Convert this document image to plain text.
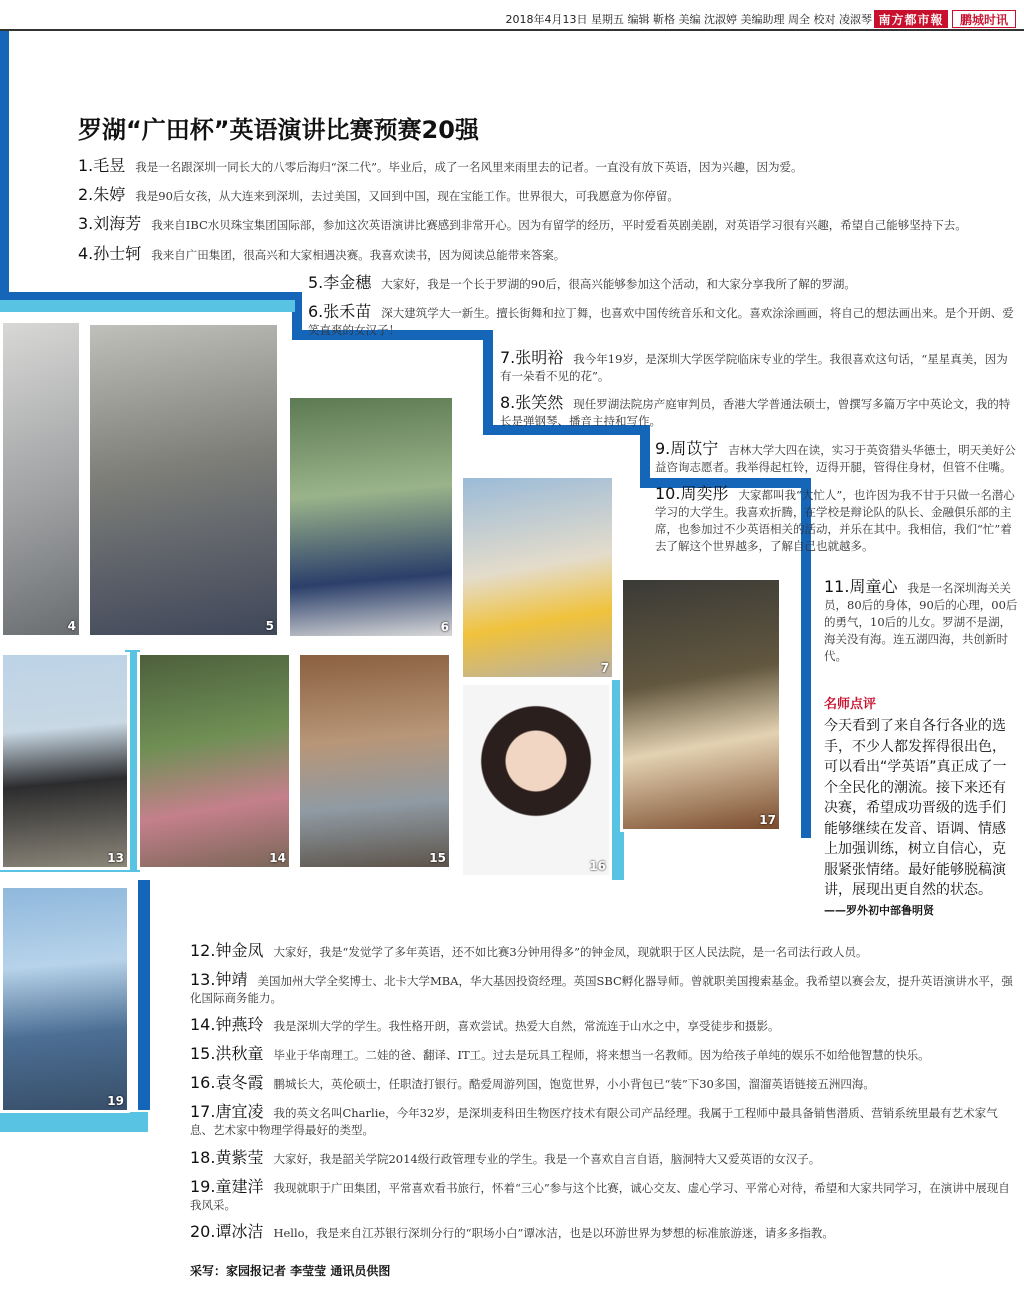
2018年4月13日 星期五 编辑 靳格 美编 沈淑婷 美编助理 周全 校对 凌淑琴 南方都市報	鹏城时讯
罗湖“广田杯”英语演讲比赛预赛20强
1.毛昱 我是一名跟深圳一同长大的八零后海归“深二代”。毕业后，成了一名风里来雨里去的记者。一直没有放下英语，因为兴趣，因为爱。
2.朱婷 我是90后女孩，从大连来到深圳，去过美国，又回到中国，现在宝能工作。世界很大，可我愿意为你停留。
3.刘海芳 我来自IBC水贝珠宝集团国际部，参加这次英语演讲比赛感到非常开心。因为有留学的经历，平时爱看英剧美剧，对英语学习很有兴趣，希望自己能够坚持下去。
4.孙士轲 我来自广田集团，很高兴和大家相遇决赛。我喜欢读书，因为阅读总能带来答案。
5.李金穗 大家好，我是一个长于罗湖的90后，很高兴能够参加这个活动，和大家分享我所了解的罗湖。
6.张禾苗 深大建筑学大一新生。擅长街舞和拉丁舞，也喜欢中国传统音乐和文化。喜欢涂涂画画，将自己的想法画出来。是个开朗、爱笑直爽的女汉子！
7.张明裕 我今年19岁，是深圳大学医学院临床专业的学生。我很喜欢这句话，“星星真美，因为有一朵看不见的花”。
8.张笑然 现任罗湖法院房产庭审判员，香港大学普通法硕士，曾撰写多篇万字中英论文，我的特长是弹钢琴、播音主持和写作。
9.周苡宁 吉林大学大四在读，实习于英资猎头华德士，明天美好公益咨询志愿者。我举得起杠铃，迈得开腿，管得住身材，但管不住嘴。
10.周奕彤 大家都叫我“大忙人”，也许因为我不甘于只做一名潜心学习的大学生。我喜欢折腾，在学校是辩论队的队长、金融俱乐部的主席，也参加过不少英语相关的活动，并乐在其中。我相信，我们“忙”着去了解这个世界越多，了解自己也就越多。
11.周童心 我是一名深圳海关关员，80后的身体，90后的心理，00后的勇气，10后的儿女。罗湖不是湖，海关没有海。连五湖四海，共创新时代。
4	5	6
7
13	14	15
16
17
19
名师点评
今天看到了来自各行各业的选手，不少人都发挥得很出色，可以看出“学英语”真正成了一个全民化的潮流。接下来还有决赛，希望成功晋级的选手们能够继续在发音、语调、情感上加强训练，树立自信心，克服紧张情绪。最好能够脱稿演讲，展现出更自然的状态。
——罗外初中部鲁明贤
12.钟金凤 大家好，我是“发觉学了多年英语，还不如比赛3分钟用得多”的钟金凤，现就职于区人民法院，是一名司法行政人员。
13.钟靖 美国加州大学全奖博士、北卡大学MBA，华大基因投资经理。英国SBC孵化器导师。曾就职美国搜索基金。我希望以赛会友，提升英语演讲水平，强化国际商务能力。
14.钟燕玲 我是深圳大学的学生。我性格开朗，喜欢尝试。热爱大自然，常流连于山水之中，享受徒步和摄影。
15.洪秋童 毕业于华南理工。二娃的爸、翻译、IT工。过去是玩具工程师，将来想当一名教师。因为给孩子单纯的娱乐不如给他智慧的快乐。
16.袁冬霞 鹏城长大，英伦硕士，任职渣打银行。酷爱周游列国，饱览世界，小小背包已“装”下30多国，溜溜英语链接五洲四海。
17.唐宜凌 我的英文名叫Charlie，今年32岁，是深圳麦科田生物医疗技术有限公司产品经理。我属于工程师中最具备销售潜质、营销系统里最有艺术家气息、艺术家中物理学得最好的类型。
18.黄紫莹 大家好，我是韶关学院2014级行政管理专业的学生。我是一个喜欢自言自语，脑洞特大又爱英语的女汉子。
19.童建洋 我现就职于广田集团，平常喜欢看书旅行，怀着“三心”参与这个比赛，诚心交友、虚心学习、平常心对待，希望和大家共同学习，在演讲中展现自我风采。
20.谭冰洁 Hello，我是来自江苏银行深圳分行的“职场小白”谭冰洁，也是以环游世界为梦想的标准旅游迷，请多多指教。
采写：家园报记者 李莹莹 通讯员供图
